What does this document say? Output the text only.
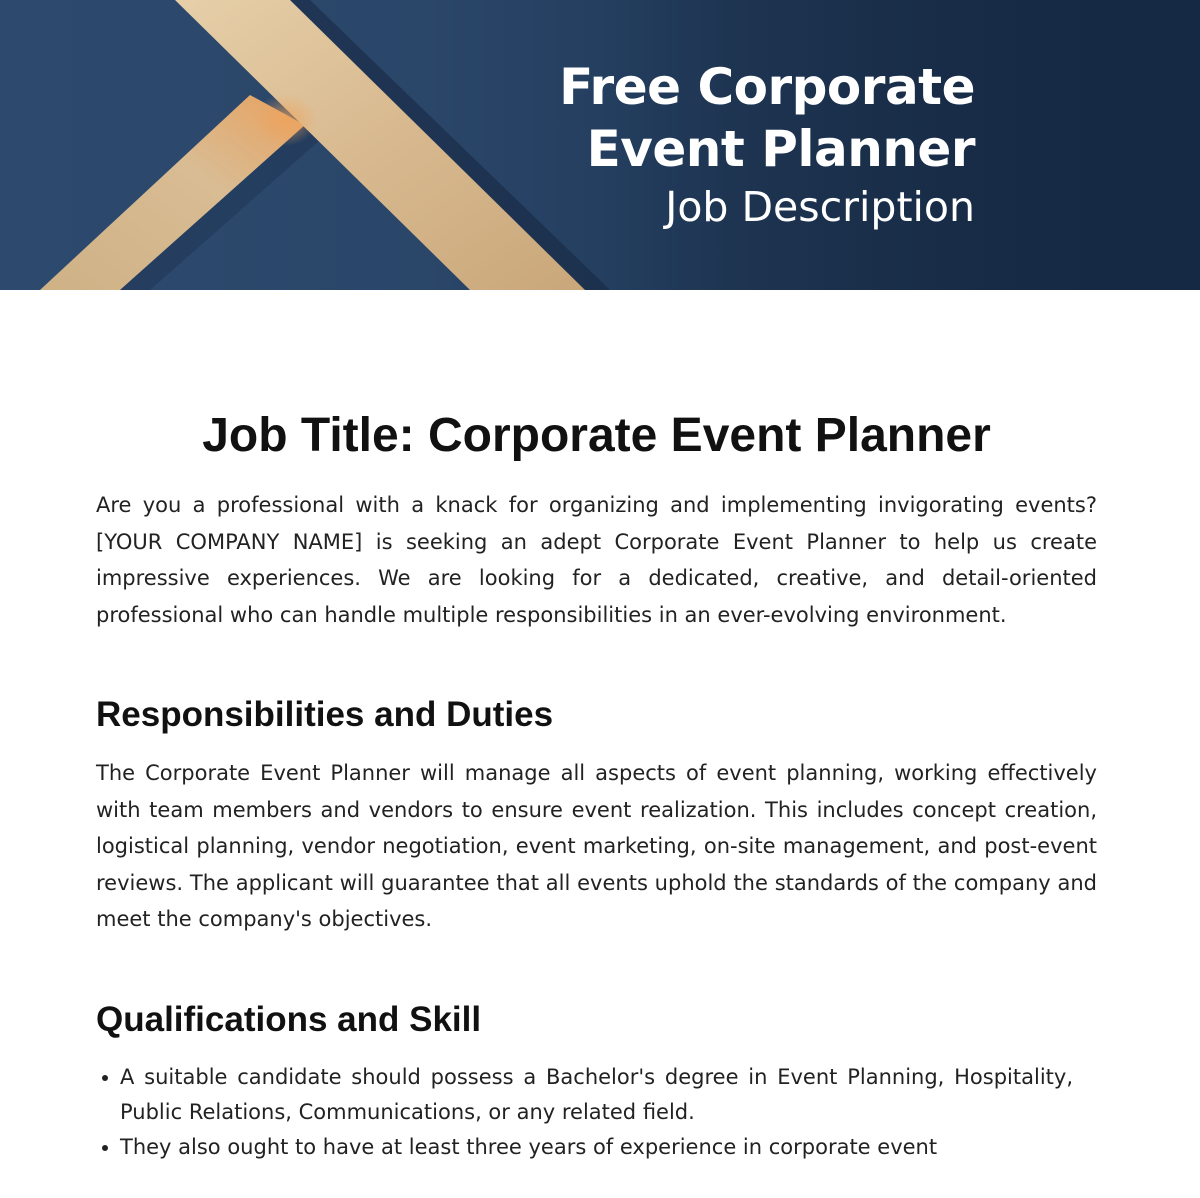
Free Corporate
Event Planner
Job Description
Job Title: Corporate Event Planner

Are you a professional with a knack for organizing and implementing invigorating events? [YOUR COMPANY NAME] is seeking an adept Corporate Event Planner to help us create impressive experiences. We are looking for a dedicated, creative, and detail-oriented professional who can handle multiple responsibilities in an ever-evolving environment.

Responsibilities and Duties

The Corporate Event Planner will manage all aspects of event planning, working effectively with team members and vendors to ensure event realization. This includes concept creation, logistical planning, vendor negotiation, event marketing, on-site management, and post-event reviews. The applicant will guarantee that all events uphold the standards of the company and meet the company's objectives.

Qualifications and Skill
A suitable candidate should possess a Bachelor's degree in Event Planning, Hospitality, Public Relations, Communications, or any related field.
They also ought to have at least three years of experience in corporate event
